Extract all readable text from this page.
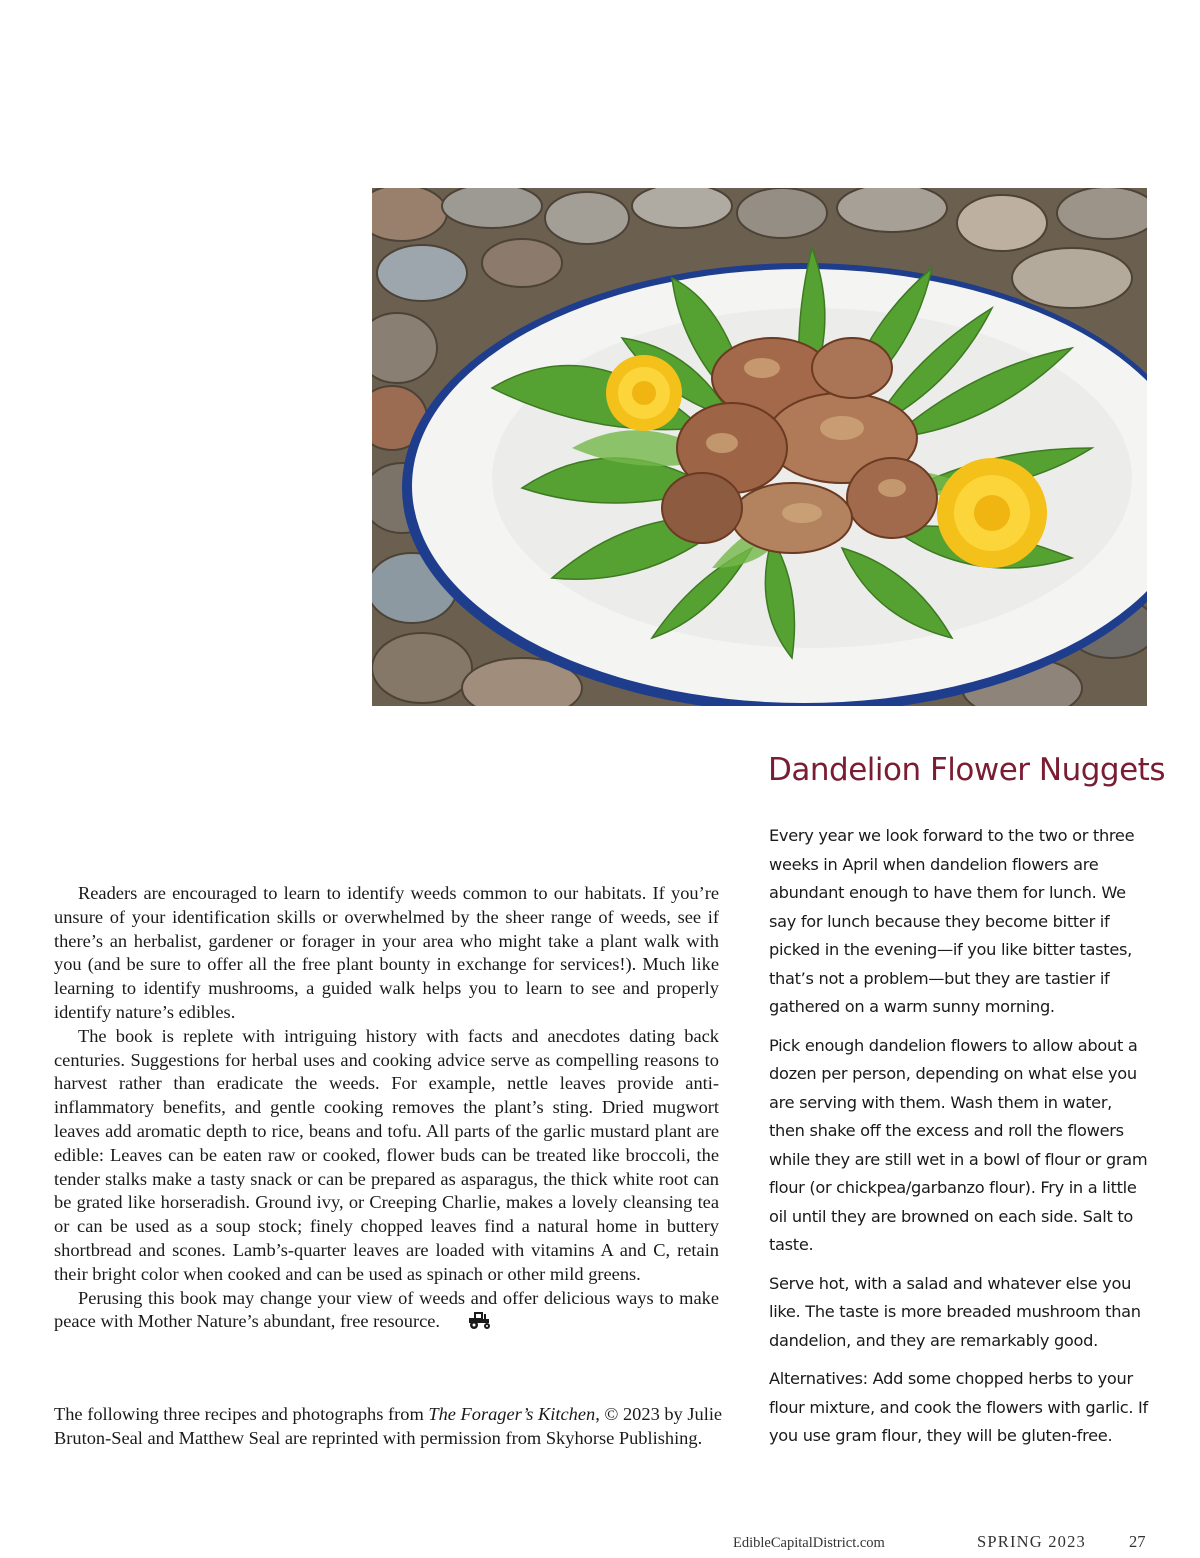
Dandelion Flower Nuggets

Every year we look forward to the two or three weeks in April when dandelion flowers are abundant enough to have them for lunch. We say for lunch because they become bitter if picked in the evening—if you like bitter tastes, that’s not a problem—but they are tastier if gathered on a warm sunny morning.

Pick enough dandelion flowers to allow about a dozen per person, depending on what else you are serving with them. Wash them in water, then shake off the excess and roll the flowers while they are still wet in a bowl of flour or gram flour (or chickpea/garbanzo flour). Fry in a little oil until they are browned on each side. Salt to taste.

Serve hot, with a salad and whatever else you like. The taste is more breaded mushroom than dandelion, and they are remarkably good.

Alternatives: Add some chopped herbs to your flour mixture, and cook the flowers with garlic. If you use gram flour, they will be gluten-free.

Readers are encouraged to learn to identify weeds common to our habitats. If you’re unsure of your identification skills or overwhelmed by the sheer range of weeds, see if there’s an herbalist, gardener or forager in your area who might take a plant walk with you (and be sure to offer all the free plant bounty in exchange for services!). Much like learning to identify mushrooms, a guided walk helps you to learn to see and properly identify nature’s edibles.

The book is replete with intriguing history with facts and anecdotes dating back centuries. Suggestions for herbal uses and cooking advice serve as compelling reasons to harvest rather than eradicate the weeds. For example, nettle leaves provide anti-inflammatory benefits, and gentle cooking removes the plant’s sting. Dried mugwort leaves add aromatic depth to rice, beans and tofu. All parts of the garlic mustard plant are edible: Leaves can be eaten raw or cooked, flower buds can be treated like broccoli, the tender stalks make a tasty snack or can be prepared as asparagus, the thick white root can be grated like horseradish. Ground ivy, or Creeping Charlie, makes a lovely cleansing tea or can be used as a soup stock; finely chopped leaves find a natural home in buttery shortbread and scones. Lamb’s-quarter leaves are loaded with vitamins A and C, retain their bright color when cooked and can be used as spinach or other mild greens.

Perusing this book may change your view of weeds and offer delicious ways to make peace with Mother Nature’s abundant, free resource.

The following three recipes and photographs from The Forager’s Kitchen, © 2023 by Julie Bruton-Seal and Matthew Seal are reprinted with permission from Skyhorse Publishing.
EdibleCapitalDistrict.com	SPRING 2023	27
